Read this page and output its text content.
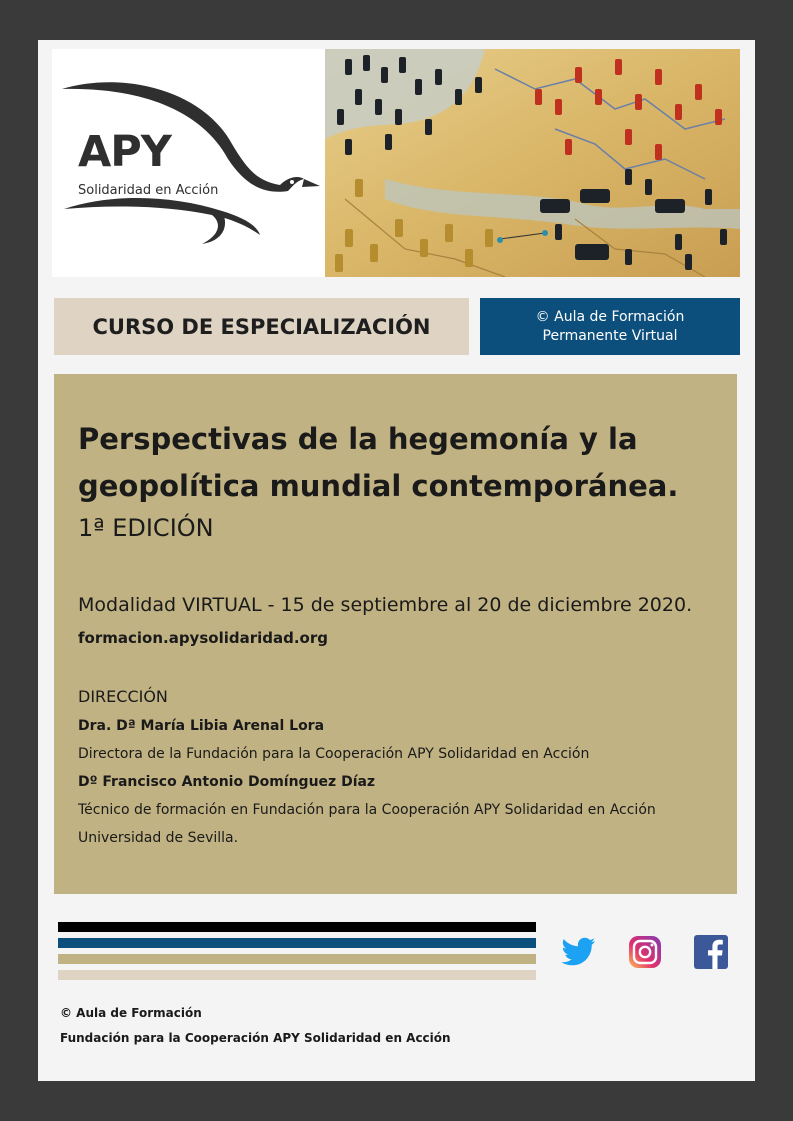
APY
Solidaridad en Acción
CURSO DE ESPECIALIZACIÓN	© Aula de Formación
Permanente Virtual
Perspectivas de la hegemonía y la
geopolítica mundial contemporánea.
1ª EDICIÓN
Modalidad VIRTUAL - 15 de septiembre al 20 de diciembre 2020.
formacion.apysolidaridad.org
DIRECCIÓN
Dra. Dª María Libia Arenal Lora
Directora de la Fundación para la Cooperación APY Solidaridad en Acción
Dº Francisco Antonio Domínguez Díaz
Técnico de formación en Fundación para la Cooperación APY Solidaridad en Acción
Universidad de Sevilla.
© Aula de Formación
Fundación para la Cooperación APY Solidaridad en Acción
